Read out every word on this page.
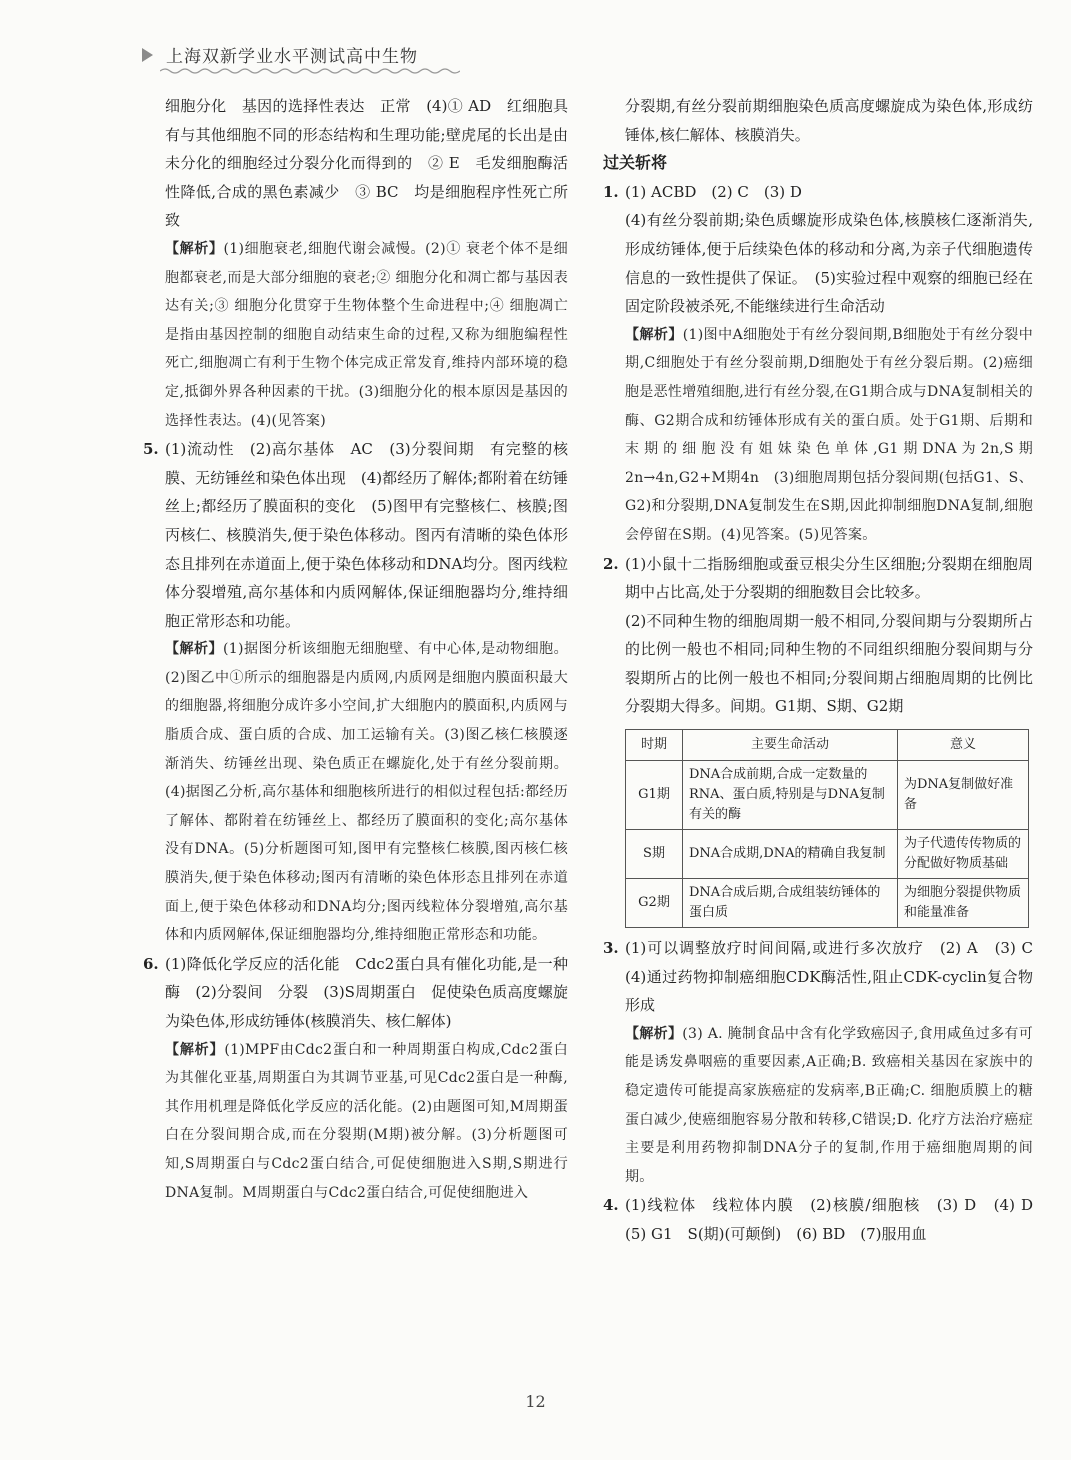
上海双新学业水平测试高中生物

细胞分化　基因的选择性表达　正常　(4)① AD　红细胞具有与其他细胞不同的形态结构和生理功能;壁虎尾的长出是由未分化的细胞经过分裂分化而得到的　② E　毛发细胞酶活性降低,合成的黑色素减少　③ BC　均是细胞程序性死亡所致

【解析】(1)细胞衰老,细胞代谢会减慢。(2)① 衰老个体不是细胞都衰老,而是大部分细胞的衰老;② 细胞分化和凋亡都与基因表达有关;③ 细胞分化贯穿于生物体整个生命进程中;④ 细胞凋亡是指由基因控制的细胞自动结束生命的过程,又称为细胞编程性死亡,细胞凋亡有利于生物个体完成正常发育,维持内部环境的稳定,抵御外界各种因素的干扰。(3)细胞分化的根本原因是基因的选择性表达。(4)(见答案)

5. (1)流动性　(2)高尔基体　AC　(3)分裂间期　有完整的核膜、无纺锤丝和染色体出现　(4)都经历了解体;都附着在纺锤丝上;都经历了膜面积的变化　(5)图甲有完整核仁、核膜;图丙核仁、核膜消失,便于染色体移动。图丙有清晰的染色体形态且排列在赤道面上,便于染色体移动和DNA均分。图丙线粒体分裂增殖,高尔基体和内质网解体,保证细胞器均分,维持细胞正常形态和功能。

【解析】(1)据图分析该细胞无细胞壁、有中心体,是动物细胞。(2)图乙中①所示的细胞器是内质网,内质网是细胞内膜面积最大的细胞器,将细胞分成许多小空间,扩大细胞内的膜面积,内质网与脂质合成、蛋白质的合成、加工运输有关。(3)图乙核仁核膜逐渐消失、纺锤丝出现、染色质正在螺旋化,处于有丝分裂前期。(4)据图乙分析,高尔基体和细胞核所进行的相似过程包括:都经历了解体、都附着在纺锤丝上、都经历了膜面积的变化;高尔基体没有DNA。(5)分析题图可知,图甲有完整核仁核膜,图丙核仁核膜消失,便于染色体移动;图丙有清晰的染色体形态且排列在赤道面上,便于染色体移动和DNA均分;图丙线粒体分裂增殖,高尔基体和内质网解体,保证细胞器均分,维持细胞正常形态和功能。

6. (1)降低化学反应的活化能　Cdc2蛋白具有催化功能,是一种酶　(2)分裂间　分裂　(3)S周期蛋白　促使染色质高度螺旋为染色体,形成纺锤体(核膜消失、核仁解体)

【解析】(1)MPF由Cdc2蛋白和一种周期蛋白构成,Cdc2蛋白为其催化亚基,周期蛋白为其调节亚基,可见Cdc2蛋白是一种酶,其作用机理是降低化学反应的活化能。(2)由题图可知,M周期蛋白在分裂间期合成,而在分裂期(M期)被分解。(3)分析题图可知,S周期蛋白与Cdc2蛋白结合,可促使细胞进入S期,S期进行DNA复制。M周期蛋白与Cdc2蛋白结合,可促使细胞进入

分裂期,有丝分裂前期细胞染色质高度螺旋成为染色体,形成纺锤体,核仁解体、核膜消失。

过关斩将

1. (1) ACBD　(2) C　(3) D

(4)有丝分裂前期;染色质螺旋形成染色体,核膜核仁逐渐消失,形成纺锤体,便于后续染色体的移动和分离,为亲子代细胞遗传信息的一致性提供了保证。　(5)实验过程中观察的细胞已经在固定阶段被杀死,不能继续进行生命活动

【解析】(1)图中A细胞处于有丝分裂间期,B细胞处于有丝分裂中期,C细胞处于有丝分裂前期,D细胞处于有丝分裂后期。(2)癌细胞是恶性增殖细胞,进行有丝分裂,在G1期合成与DNA复制相关的酶、G2期合成和纺锤体形成有关的蛋白质。处于G1期、后期和末期的细胞没有姐妹染色单体,G1期DNA为2n,S期2n→4n,G2+M期4n　(3)细胞周期包括分裂间期(包括G1、S、G2)和分裂期,DNA复制发生在S期,因此抑制细胞DNA复制,细胞会停留在S期。(4)见答案。(5)见答案。

2. (1)小鼠十二指肠细胞或蚕豆根尖分生区细胞;分裂期在细胞周期中占比高,处于分裂期的细胞数目会比较多。

(2)不同种生物的细胞周期一般不相同,分裂间期与分裂期所占的比例一般也不相同;同种生物的不同组织细胞分裂间期与分裂期所占的比例一般也不相同;分裂间期占细胞周期的比例比分裂期大得多。间期。G1期、S期、G2期

时期	主要生命活动	意义
G1期	DNA合成前期,合成一定数量的RNA、蛋白质,特别是与DNA复制有关的酶	为DNA复制做好准备
S期	DNA合成期,DNA的精确自我复制	为子代遗传传物质的分配做好物质基础
G2期	DNA合成后期,合成组装纺锤体的蛋白质	为细胞分裂提供物质和能量准备

3. (1)可以调整放疗时间间隔,或进行多次放疗　(2) A　(3) C　(4)通过药物抑制癌细胞CDK酶活性,阻止CDK-cyclin复合物形成

【解析】(3) A. 腌制食品中含有化学致癌因子,食用咸鱼过多有可能是诱发鼻咽癌的重要因素,A正确;B. 致癌相关基因在家族中的稳定遗传可能提高家族癌症的发病率,B正确;C. 细胞质膜上的糖蛋白减少,使癌细胞容易分散和转移,C错误;D. 化疗方法治疗癌症主要是利用药物抑制DNA分子的复制,作用于癌细胞周期的间期。

4. (1)线粒体　线粒体内膜　(2)核膜/细胞核　(3) D　(4) D　(5) G1　S(期)(可颠倒)　(6) BD　(7)服用血

12
